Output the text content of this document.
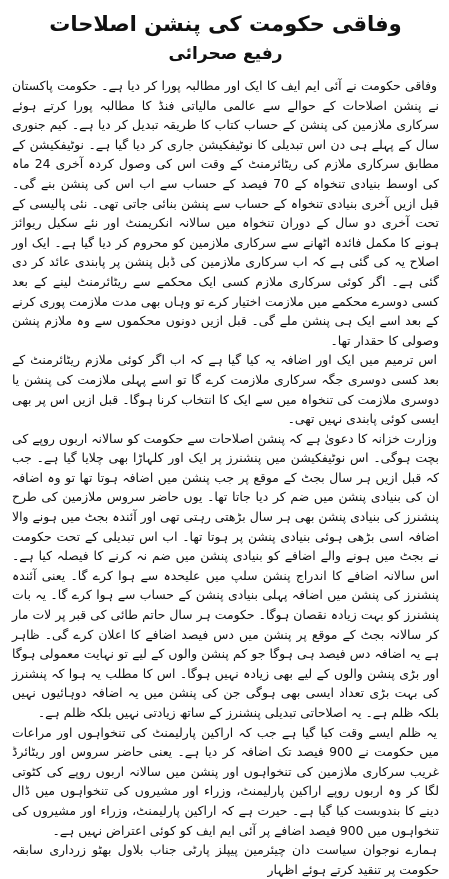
وفاقی حکومت کی پنشن اصلاحات
رفیع صحرائی

وفاقی حکومت نے آئی ایم ایف کا ایک اور مطالبہ پورا کر دیا ہے۔ حکومت پاکستان نے پنشن اصلاحات کے حوالے سے عالمی مالیاتی فنڈ کا مطالبہ پورا کرتے ہوئے سرکاری ملازمین کی پنشن کے حساب کتاب کا طریقہ تبدیل کر دیا ہے۔ کیم جنوری سال کے پہلے ہی دن اس تبدیلی کا نوٹیفکیشن جاری کر دیا گیا ہے۔ نوٹیفکیشن کے مطابق سرکاری ملازم کی ریٹائرمنٹ کے وقت اس کی وصول کردہ آخری 24 ماہ کی اوسط بنیادی تنخواہ کے 70 فیصد کے حساب سے اب اس کی پنشن بنے گی۔ قبل ازیں آخری بنیادی تنخواہ کے حساب سے پنشن بنائی جاتی تھی۔ نئی پالیسی کے تحت آخری دو سال کے دوران تنخواہ میں سالانہ انکریمنٹ اور نئے سکیل ریوائز ہونے کا مکمل فائدہ اٹھانے سے سرکاری ملازمین کو محروم کر دیا گیا ہے۔ ایک اور اصلاح یہ کی گئی ہے کہ اب سرکاری ملازمین کی ڈبل پنشن پر پابندی عائد کر دی گئی ہے۔ اگر کوئی سرکاری ملازم کسی ایک محکمے سے ریٹائرمنٹ لینے کے بعد کسی دوسرے محکمے میں ملازمت اختیار کرے تو وہاں بھی مدت ملازمت پوری کرنے کے بعد اسے ایک ہی پنشن ملے گی۔ قبل ازیں دونوں محکموں سے وہ ملازم پنشن وصولی کا حقدار تھا۔

اس ترمیم میں ایک اور اضافہ یہ کیا گیا ہے کہ اب اگر کوئی ملازم ریٹائرمنٹ کے بعد کسی دوسری جگہ سرکاری ملازمت کرے گا تو اسے پہلی ملازمت کی پنشن یا دوسری ملازمت کی تنخواہ میں سے ایک کا انتخاب کرنا ہوگا۔ قبل ازیں اس پر بھی ایسی کوئی پابندی نہیں تھی۔

وزارت خزانہ کا دعویٰ ہے کہ پنشن اصلاحات سے حکومت کو سالانہ اربوں روپے کی بچت ہوگی۔ اس نوٹیفکیشن میں پنشنرز پر ایک اور کلہاڑا بھی چلایا گیا ہے۔ جب کہ قبل ازیں ہر سال بجٹ کے موقع پر جب پنشن میں اضافہ ہوتا تھا تو وہ اضافہ ان کی بنیادی پنشن میں ضم کر دیا جاتا تھا۔ یوں حاضر سروس ملازمین کی طرح پنشنرز کی بنیادی پنشن بھی ہر سال بڑھتی رہتی تھی اور آئندہ بجٹ میں ہونے والا اضافہ اسی بڑھی ہوئی بنیادی پنشن پر ہوتا تھا۔ اب اس تبدیلی کے تحت حکومت نے بجٹ میں ہونے والے اضافے کو بنیادی پنشن میں ضم نہ کرنے کا فیصلہ کیا ہے۔ اس سالانہ اضافے کا اندراج پنشن سلپ میں علیحدہ سے ہوا کرے گا۔ یعنی آئندہ پنشنرز کی پنشن میں اضافہ پہلی بنیادی پنشن کے حساب سے ہوا کرے گا۔ یہ بات پنشنرز کو بہت زیادہ نقصان ہوگا۔ حکومت ہر سال حاتم طائی کی قبر پر لات مار کر سالانہ بجٹ کے موقع پر پنشن میں دس فیصد اضافے کا اعلان کرے گی۔ ظاہر ہے یہ اضافہ دس فیصد ہی ہوگا جو کم پنشن والوں کے لیے تو نہایت معمولی ہوگا اور بڑی پنشن والوں کے لیے بھی زیادہ نہیں ہوگا۔ اس کا مطلب یہ ہوا کہ پنشنرز کی بہت بڑی تعداد ایسی بھی ہوگی جن کی پنشن میں یہ اضافہ دوہائیوں نہیں بلکہ ظلم ہے۔ یہ اصلاحاتی تبدیلی پنشنرز کے ساتھ زیادتی نہیں بلکہ ظلم ہے۔

یہ ظلم ایسے وقت کیا گیا ہے جب کہ اراکین پارلیمنٹ کی تنخواہوں اور مراعات میں حکومت نے 900 فیصد تک اضافہ کر دیا ہے۔ یعنی حاضر سروس اور ریٹائرڈ غریب سرکاری ملازمین کی تنخواہوں اور پنشن میں سالانہ اربوں روپے کی کٹوتی لگا کر وہ اربوں روپے اراکین پارلیمنٹ، وزراء اور مشیروں کی تنخواہوں میں ڈال دینے کا بندوبست کیا گیا ہے۔ حیرت ہے کہ اراکین پارلیمنٹ، وزراء اور مشیروں کی تنخواہوں میں 900 فیصد اضافے پر آئی ایم ایف کو کوئی اعتراض نہیں ہے۔

ہمارے نوجوان سیاست دان چیئرمین پیپلز پارٹی جناب بلاول بھٹو زرداری سابقہ حکومت پر تنقید کرتے ہوئے اظہار
